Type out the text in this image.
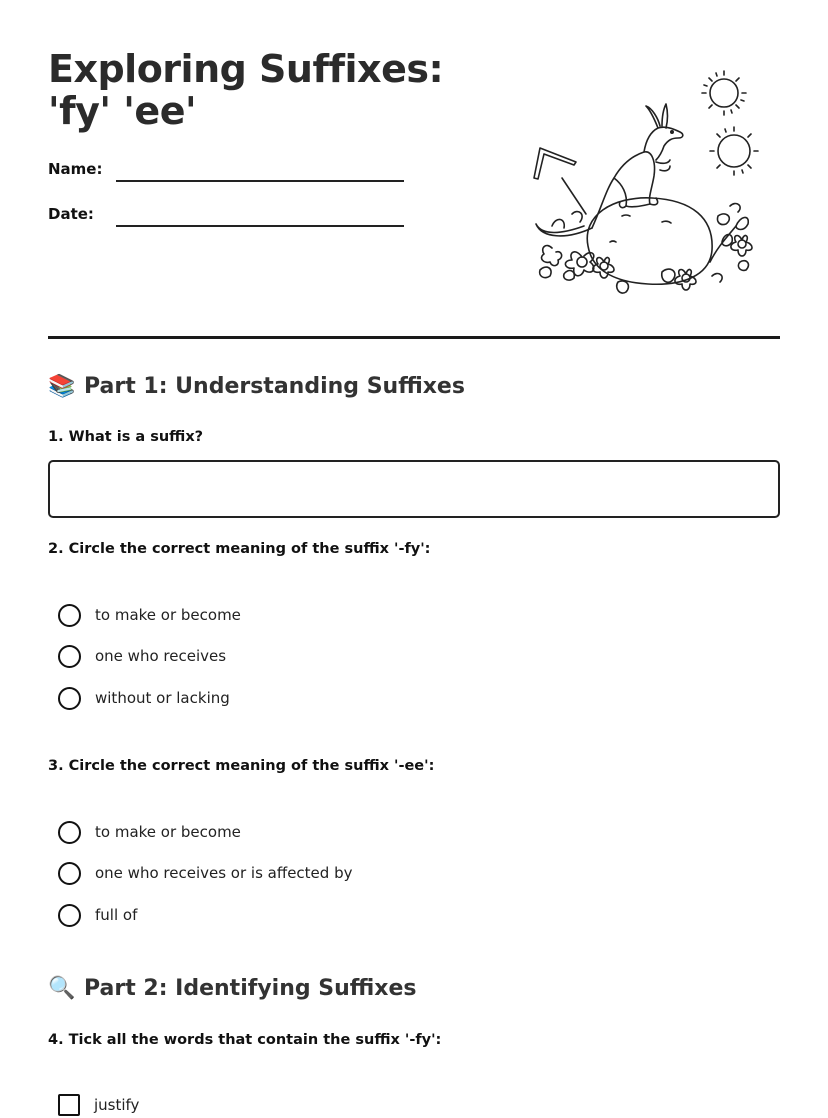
Exploring Suffixes: 'fy' 'ee'
Name:
Date:
📚 Part 1: Understanding Suffixes

1. What is a suffix?

2. Circle the correct meaning of the suffix '-fy':

to make or become
one who receives
without or lacking

3. Circle the correct meaning of the suffix '-ee':

to make or become
one who receives or is affected by
full of
🔍 Part 2: Identifying Suffixes

4. Tick all the words that contain the suffix '-fy':

justify
